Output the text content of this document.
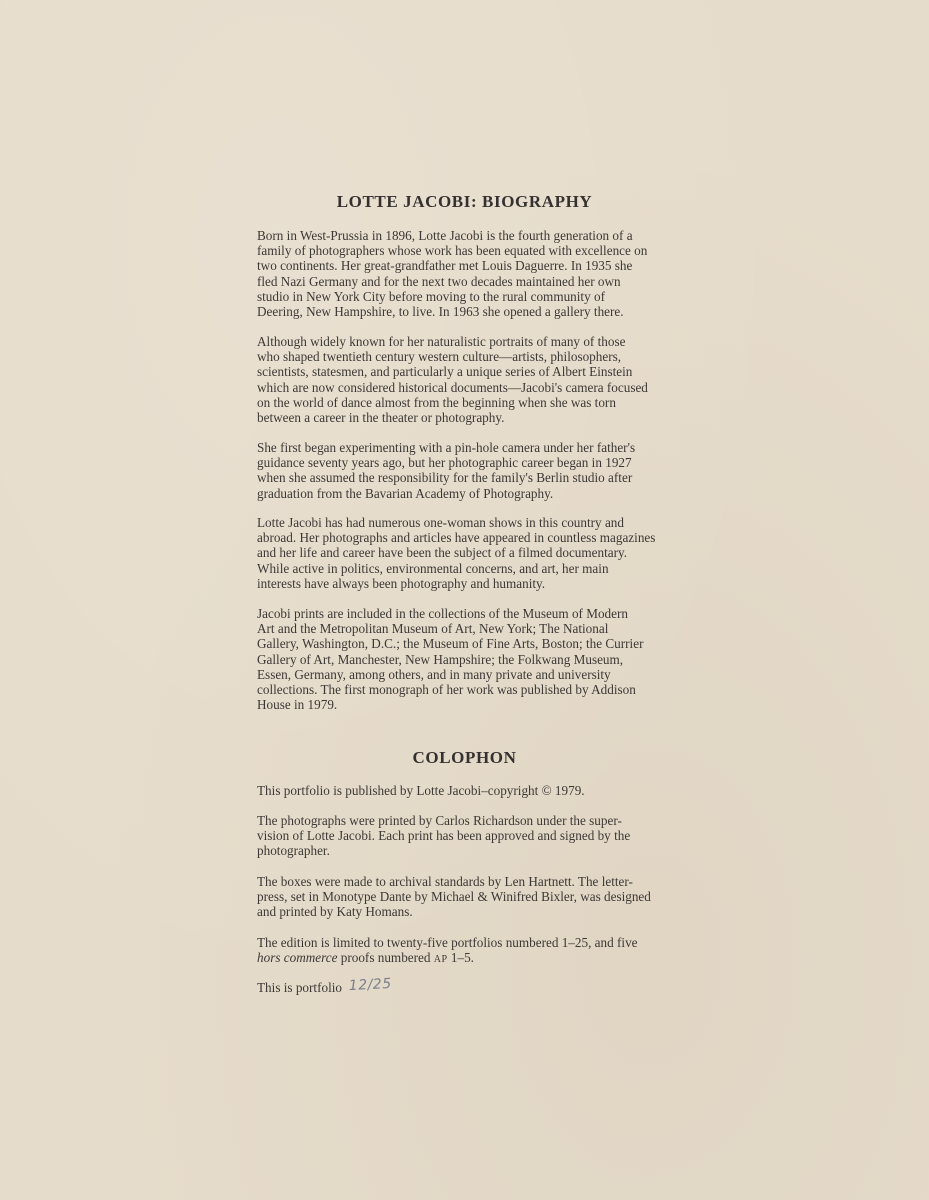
LOTTE JACOBI: BIOGRAPHY
Born in West-Prussia in 1896, Lotte Jacobi is the fourth generation of a
family of photographers whose work has been equated with excellence on
two continents. Her great-grandfather met Louis Daguerre. In 1935 she
fled Nazi Germany and for the next two decades maintained her own
studio in New York City before moving to the rural community of
Deering, New Hampshire, to live. In 1963 she opened a gallery there.
Although widely known for her naturalistic portraits of many of those
who shaped twentieth century western culture—artists, philosophers,
scientists, statesmen, and particularly a unique series of Albert Einstein
which are now considered historical documents—Jacobi's camera focused
on the world of dance almost from the beginning when she was torn
between a career in the theater or photography.
She first began experimenting with a pin-hole camera under her father's
guidance seventy years ago, but her photographic career began in 1927
when she assumed the responsibility for the family's Berlin studio after
graduation from the Bavarian Academy of Photography.
Lotte Jacobi has had numerous one-woman shows in this country and
abroad. Her photographs and articles have appeared in countless magazines
and her life and career have been the subject of a filmed documentary.
While active in politics, environmental concerns, and art, her main
interests have always been photography and humanity.
Jacobi prints are included in the collections of the Museum of Modern
Art and the Metropolitan Museum of Art, New York; The National
Gallery, Washington, D.C.; the Museum of Fine Arts, Boston; the Currier
Gallery of Art, Manchester, New Hampshire; the Folkwang Museum,
Essen, Germany, among others, and in many private and university
collections. The first monograph of her work was published by Addison
House in 1979.
COLOPHON
This portfolio is published by Lotte Jacobi–copyright © 1979.
The photographs were printed by Carlos Richardson under the super-
vision of Lotte Jacobi. Each print has been approved and signed by the
photographer.
The boxes were made to archival standards by Len Hartnett. The letter-
press, set in Monotype Dante by Michael & Winifred Bixler, was designed
and printed by Katy Homans.
The edition is limited to twenty-five portfolios numbered 1–25, and five
hors commerce proofs numbered AP 1–5.
This is portfolio 12/25
